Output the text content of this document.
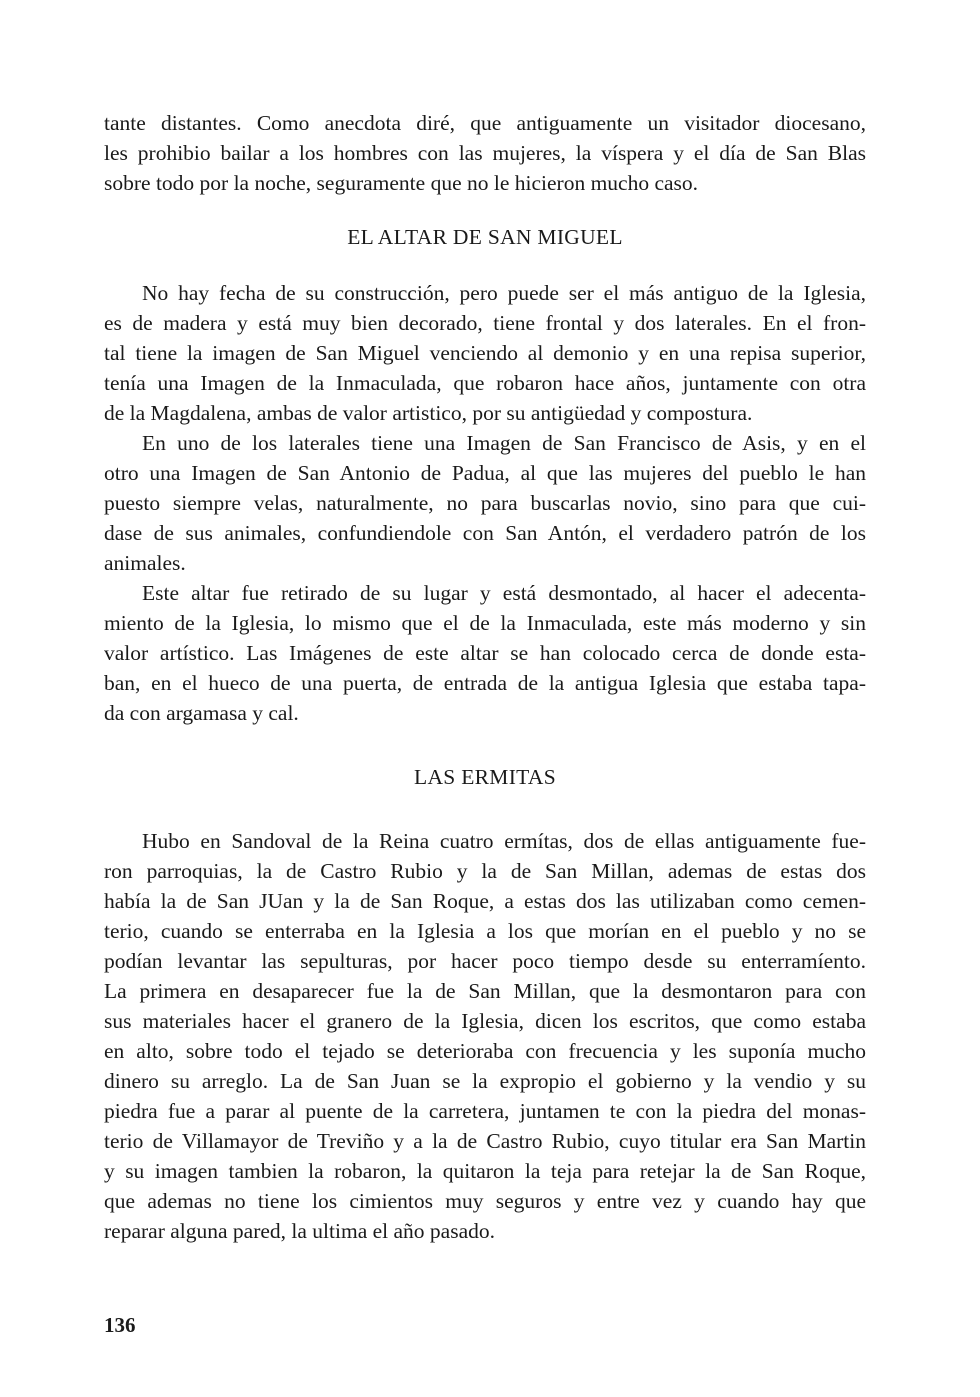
tante distantes. Como anecdota diré, que antiguamente un visitador diocesano,
les prohibio bailar a los hombres con las mujeres, la víspera y el día de San Blas
sobre todo por la noche, seguramente que no le hicieron mucho caso.
EL ALTAR DE SAN MIGUEL
No hay fecha de su construcción, pero puede ser el más antiguo de la Iglesia,
es de madera y está muy bien decorado, tiene frontal y dos laterales. En el fron-
tal tiene la imagen de San Miguel venciendo al demonio y en una repisa superior,
tenía una Imagen de la Inmaculada, que robaron hace años, juntamente con otra
de la Magdalena, ambas de valor artistico, por su antigüedad y compostura.
En uno de los laterales tiene una Imagen de San Francisco de Asis, y en el
otro una Imagen de San Antonio de Padua, al que las mujeres del pueblo le han
puesto siempre velas, naturalmente, no para buscarlas novio, sino para que cui-
dase de sus animales, confundiendole con San Antón, el verdadero patrón de los
animales.
Este altar fue retirado de su lugar y está desmontado, al hacer el adecenta-
miento de la Iglesia, lo mismo que el de la Inmaculada, este más moderno y sin
valor artístico. Las Imágenes de este altar se han colocado cerca de donde esta-
ban, en el hueco de una puerta, de entrada de la antigua Iglesia que estaba tapa-
da con argamasa y cal.
LAS ERMITAS
Hubo en Sandoval de la Reina cuatro ermítas, dos de ellas antiguamente fue-
ron parroquias, la de Castro Rubio y la de San Millan, ademas de estas dos
había la de San JUan y la de San Roque, a estas dos las utilizaban como cemen-
terio, cuando se enterraba en la Iglesia a los que morían en el pueblo y no se
podían levantar las sepulturas, por hacer poco tiempo desde su enterramíento.
La primera en desaparecer fue la de San Millan, que la desmontaron para con
sus materiales hacer el granero de la Iglesia, dicen los escritos, que como estaba
en alto, sobre todo el tejado se deterioraba con frecuencia y les suponía mucho
dinero su arreglo. La de San Juan se la expropio el gobierno y la vendio y su
piedra fue a parar al puente de la carretera, juntamen te con la piedra del monas-
terio de Villamayor de Treviño y a la de Castro Rubio, cuyo titular era San Martin
y su imagen tambien la robaron, la quitaron la teja para retejar la de San Roque,
que ademas no tiene los cimientos muy seguros y entre vez y cuando hay que
reparar alguna pared, la ultima el año pasado.
136
